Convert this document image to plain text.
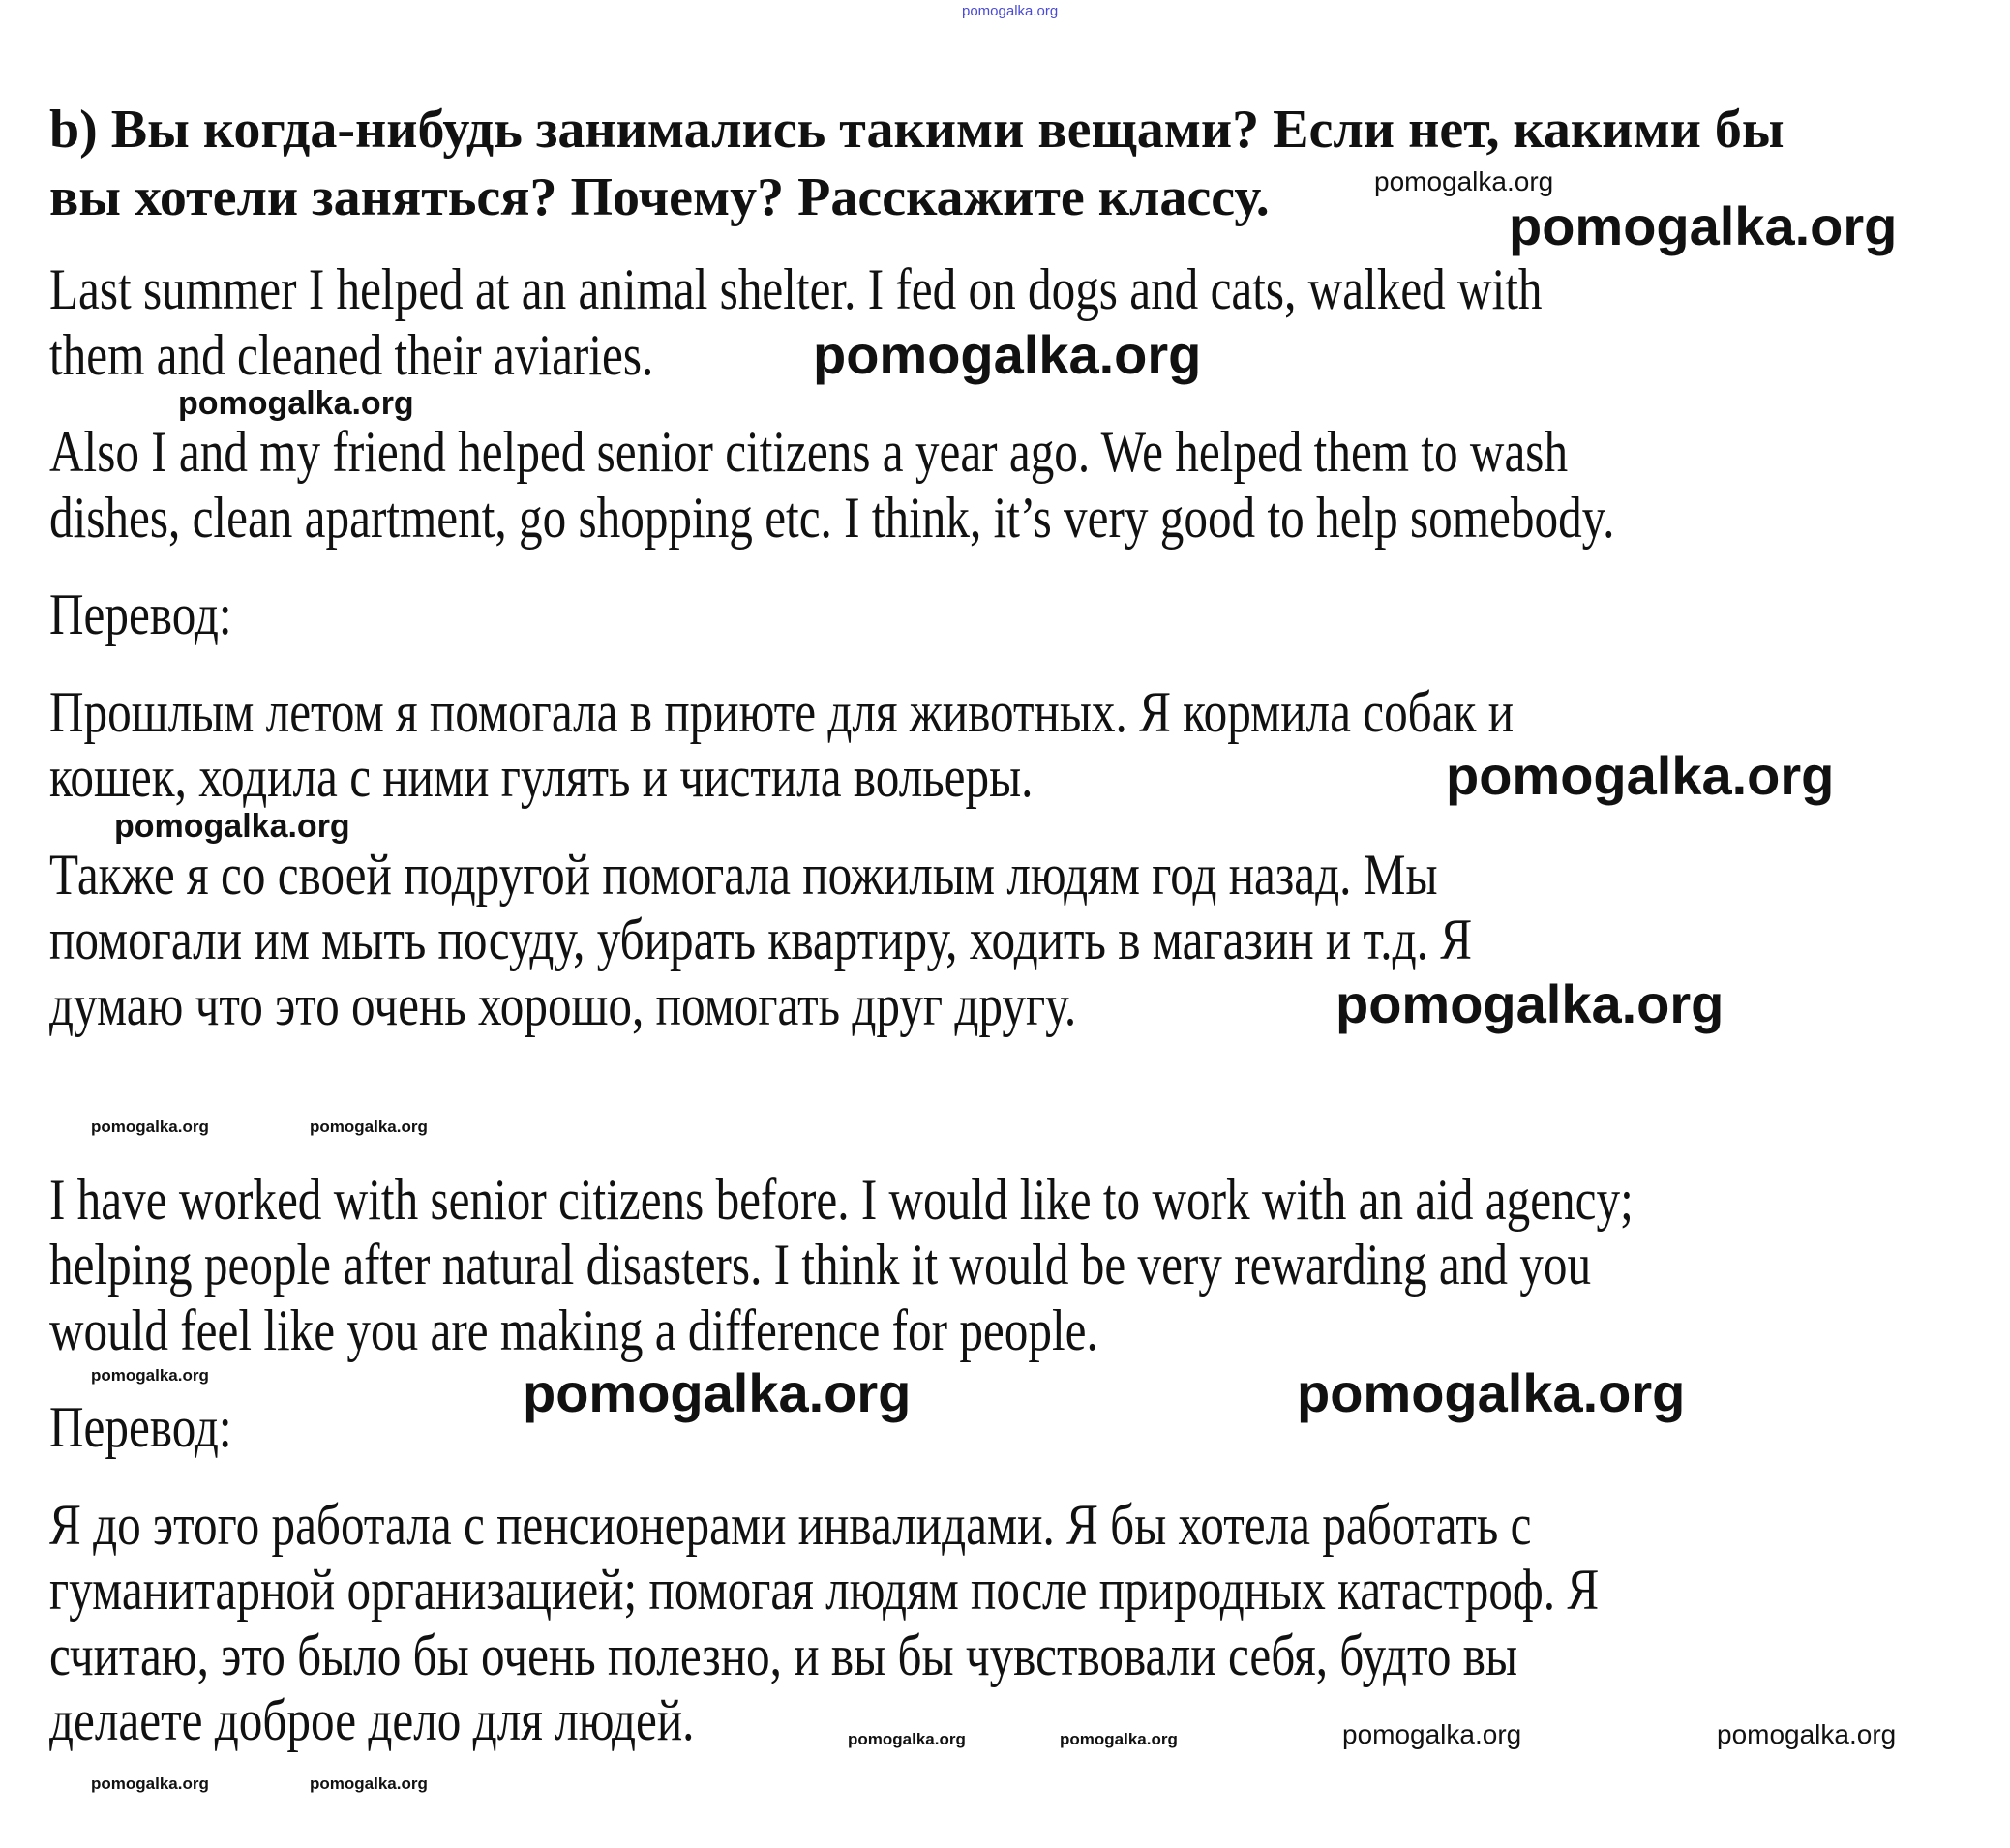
pomogalka.org
b) Вы когда-нибудь занимались такими вещами? Если нет, какими бы
вы хотели заняться? Почему? Расскажите классу.
Last summer I helped at an animal shelter. I fed on dogs and cats, walked with
them and cleaned their aviaries.
Also I and my friend helped senior citizens a year ago. We helped them to wash
dishes, clean apartment, go shopping etc. I think, it’s very good to help somebody.
Перевод:
Прошлым летом я помогала в приюте для животных. Я кормила собак и
кошек, ходила с ними гулять и чистила вольеры.
Также я со своей подругой помогала пожилым людям год назад. Мы
помогали им мыть посуду, убирать квартиру, ходить в магазин и т.д. Я
думаю что это очень хорошо, помогать друг другу.
I have worked with senior citizens before. I would like to work with an aid agency;
helping people after natural disasters. I think it would be very rewarding and you
would feel like you are making a difference for people.
Перевод:
Я до этого работала с пенсионерами инвалидами. Я бы хотела работать с
гуманитарной организацией; помогая людям после природных катастроф. Я
считаю, это было бы очень полезно, и вы бы чувствовали себя, будто вы
делаете доброе дело для людей.
pomogalka.org
pomogalka.org
pomogalka.org
pomogalka.org
pomogalka.org
pomogalka.org
pomogalka.org
pomogalka.org	pomogalka.org
pomogalka.org	pomogalka.org	pomogalka.org
pomogalka.org	pomogalka.org
pomogalka.org	pomogalka.org	pomogalka.org	pomogalka.org
